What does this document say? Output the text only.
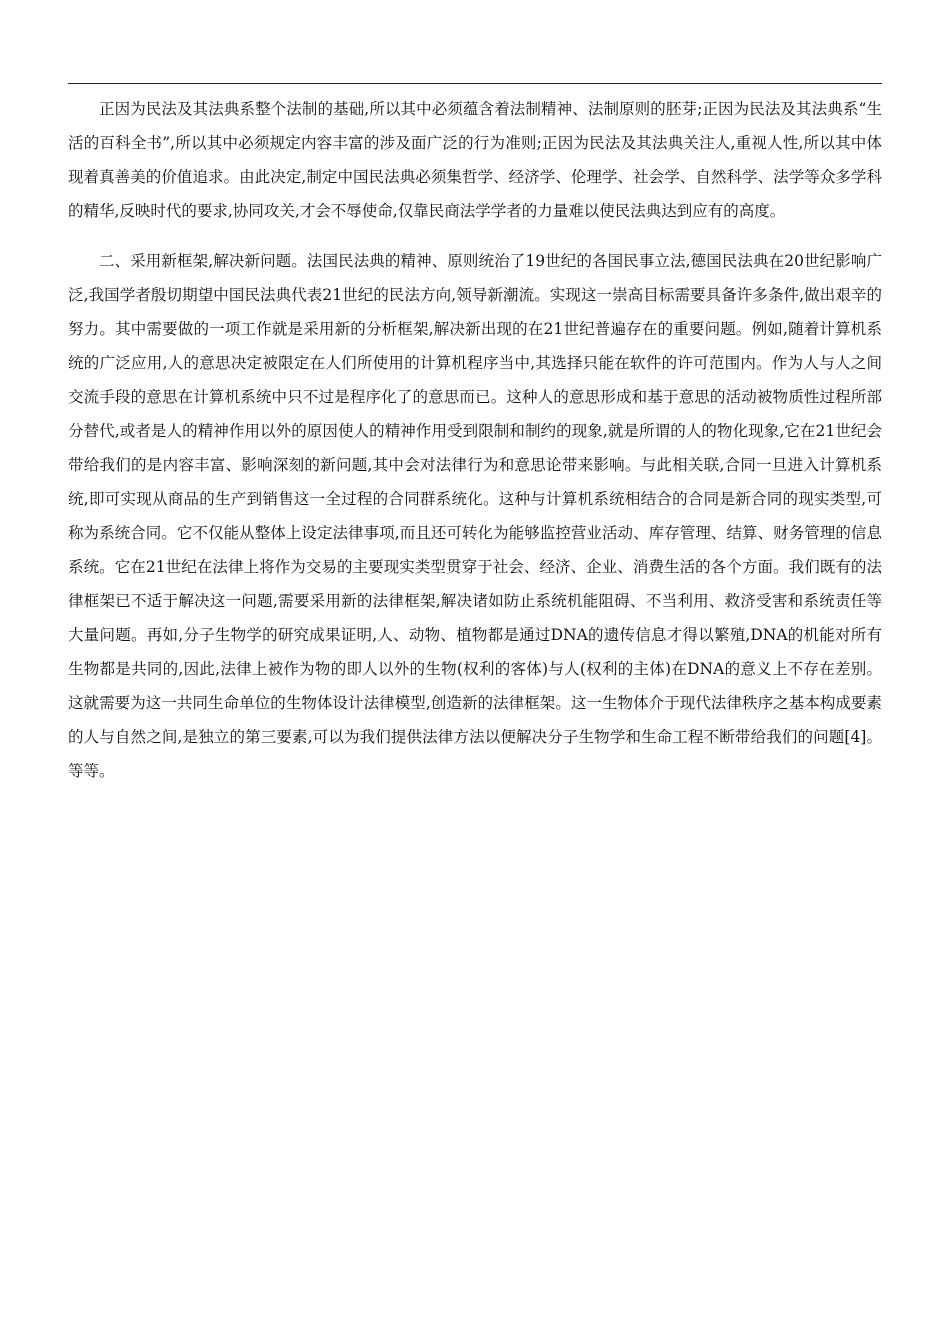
正因为民法及其法典系整个法制的基础,所以其中必须蕴含着法制精神、法制原则的胚芽;正因为民法及其法典系“生活的百科全书”,所以其中必须规定内容丰富的涉及面广泛的行为准则;正因为民法及其法典关注人,重视人性,所以其中体现着真善美的价值追求。由此决定,制定中国民法典必须集哲学、经济学、伦理学、社会学、自然科学、法学等众多学科的精华,反映时代的要求,协同攻关,才会不辱使命,仅靠民商法学学者的力量难以使民法典达到应有的高度。

二、采用新框架,解决新问题。法国民法典的精神、原则统治了19世纪的各国民事立法,德国民法典在20世纪影响广泛,我国学者殷切期望中国民法典代表21世纪的民法方向,领导新潮流。实现这一崇高目标需要具备许多条件,做出艰辛的努力。其中需要做的一项工作就是采用新的分析框架,解决新出现的在21世纪普遍存在的重要问题。例如,随着计算机系统的广泛应用,人的意思决定被限定在人们所使用的计算机程序当中,其选择只能在软件的许可范围内。作为人与人之间交流手段的意思在计算机系统中只不过是程序化了的意思而已。这种人的意思形成和基于意思的活动被物质性过程所部分替代,或者是人的精神作用以外的原因使人的精神作用受到限制和制约的现象,就是所谓的人的物化现象,它在21世纪会带给我们的是内容丰富、影响深刻的新问题,其中会对法律行为和意思论带来影响。与此相关联,合同一旦进入计算机系统,即可实现从商品的生产到销售这一全过程的合同群系统化。这种与计算机系统相结合的合同是新合同的现实类型,可称为系统合同。它不仅能从整体上设定法律事项,而且还可转化为能够监控营业活动、库存管理、结算、财务管理的信息系统。它在21世纪在法律上将作为交易的主要现实类型贯穿于社会、经济、企业、消费生活的各个方面。我们既有的法律框架已不适于解决这一问题,需要采用新的法律框架,解决诸如防止系统机能阻碍、不当利用、救济受害和系统责任等大量问题。再如,分子生物学的研究成果证明,人、动物、植物都是通过DNA的遗传信息才得以繁殖,DNA的机能对所有生物都是共同的,因此,法律上被作为物的即人以外的生物(权利的客体)与人(权利的主体)在DNA的意义上不存在差别。这就需要为这一共同生命单位的生物体设计法律模型,创造新的法律框架。这一生物体介于现代法律秩序之基本构成要素的人与自然之间,是独立的第三要素,可以为我们提供法律方法以便解决分子生物学和生命工程不断带给我们的问题[4]。等等。
